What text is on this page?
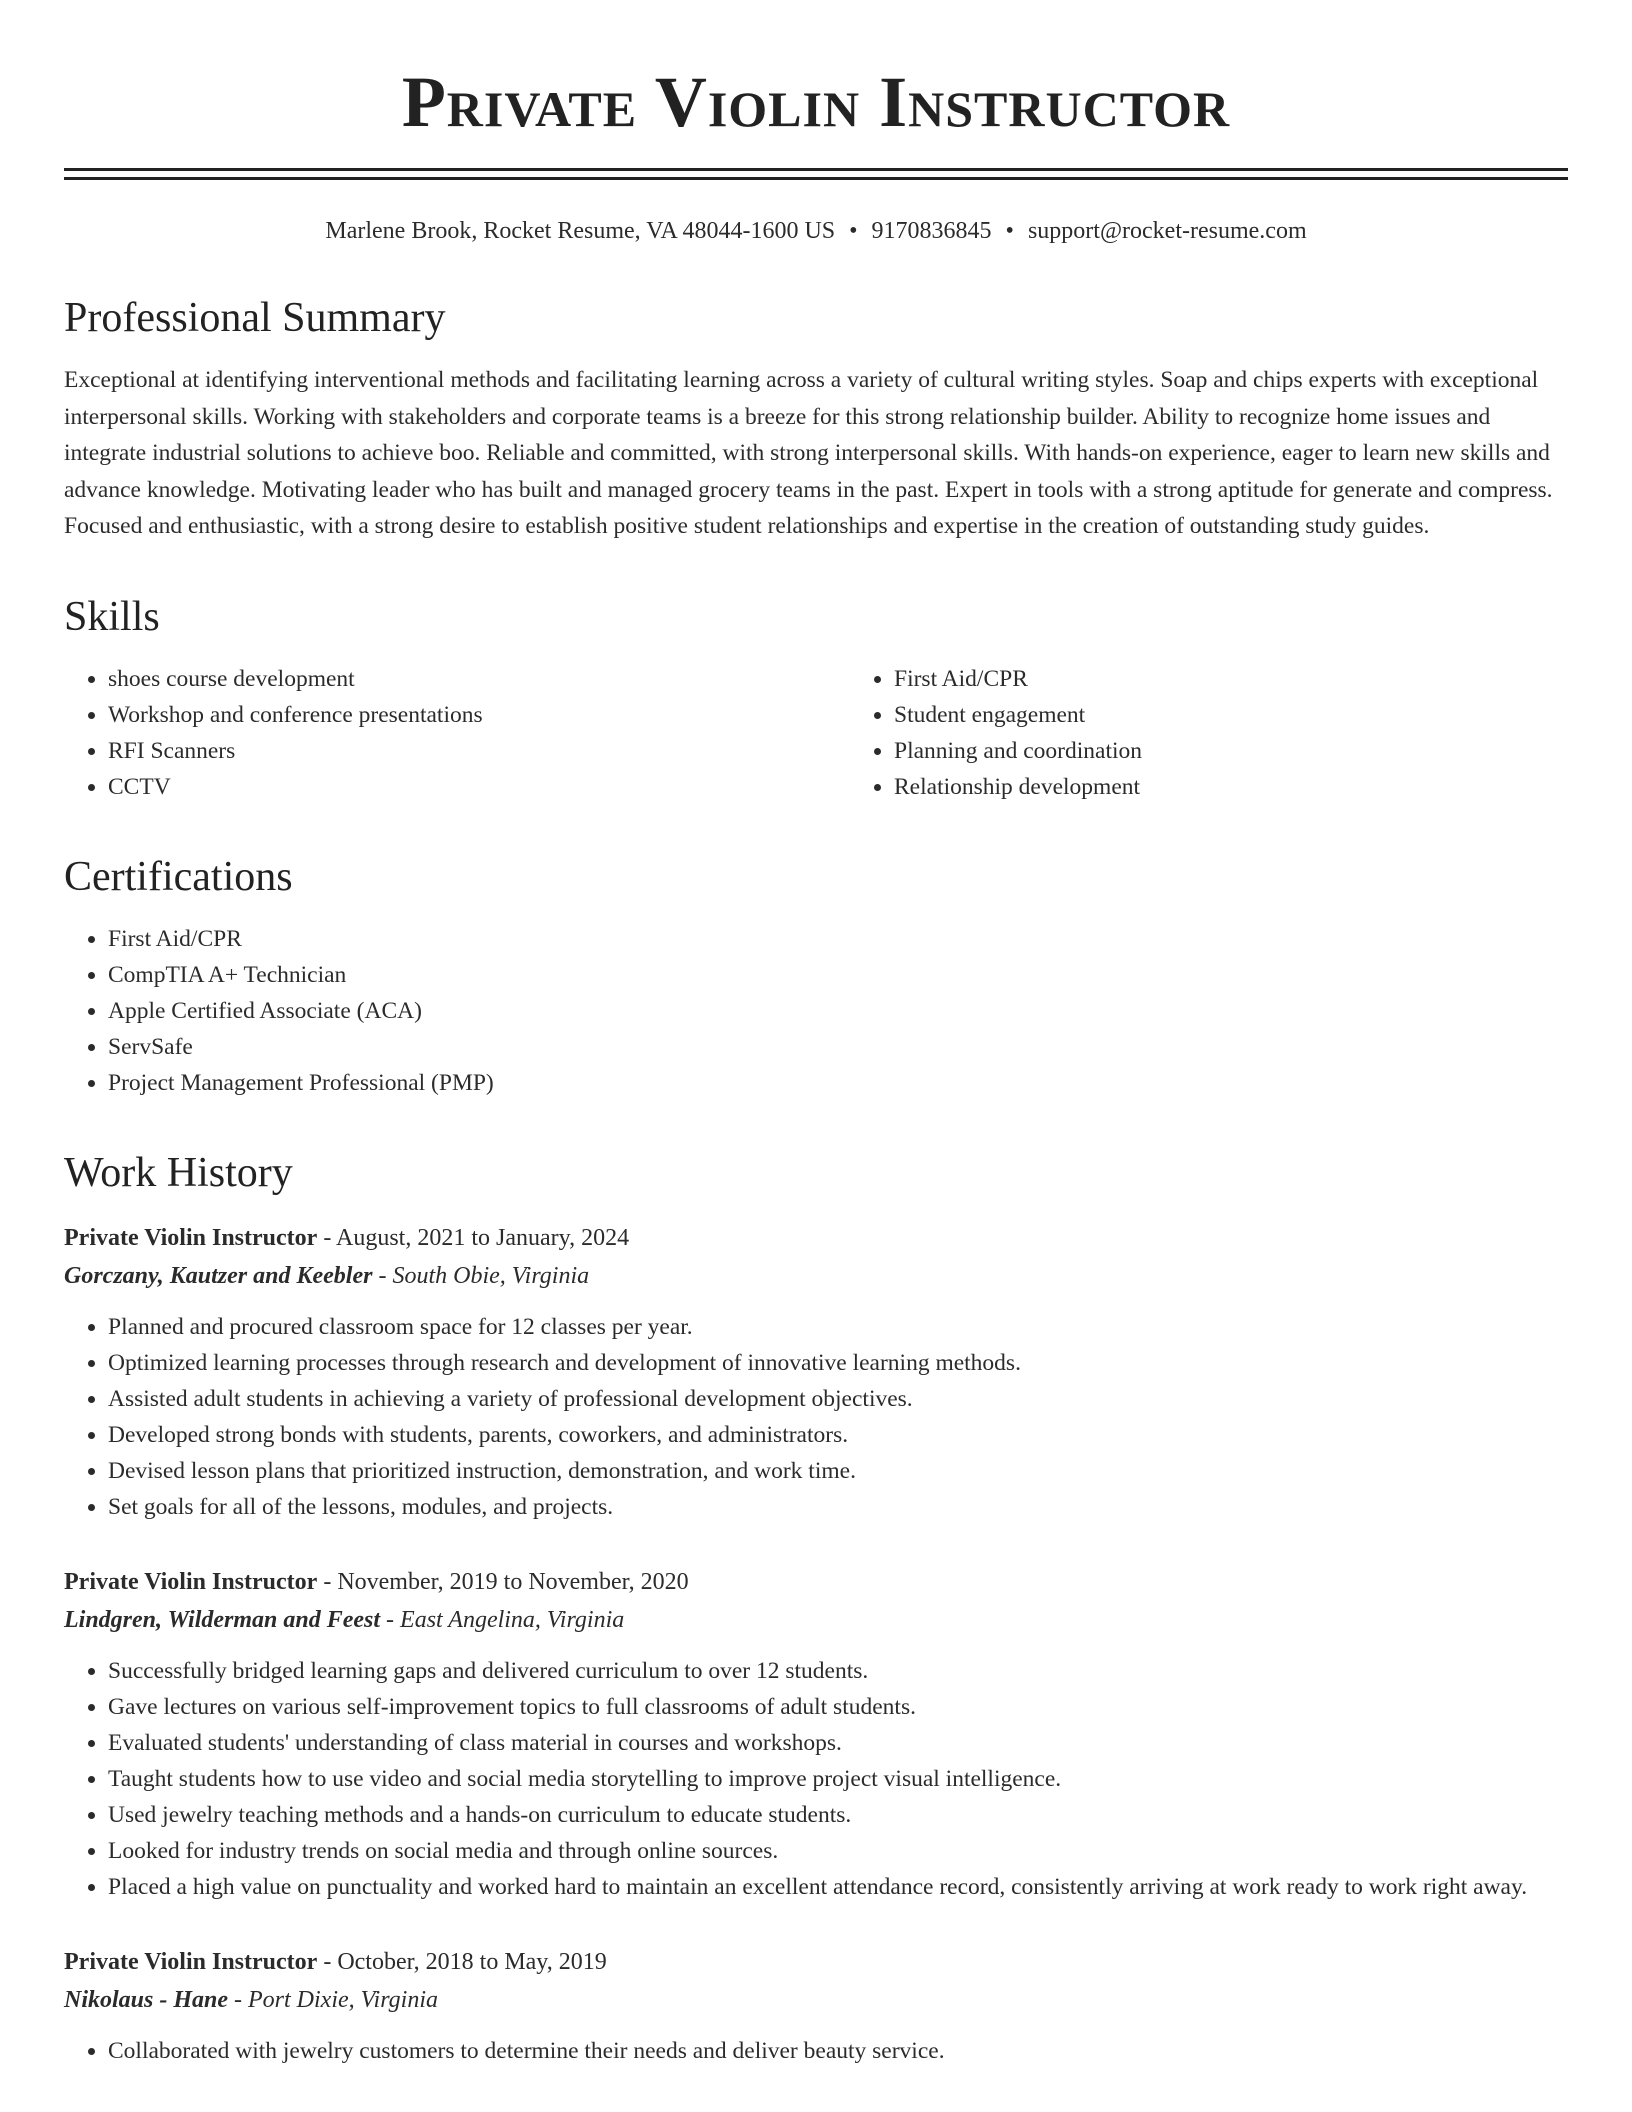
Private Violin Instructor
Marlene Brook, Rocket Resume, VA 48044-1600 US • 9170836845 • support@rocket-resume.com
Professional Summary

Exceptional at identifying interventional methods and facilitating learning across a variety of cultural writing styles. Soap and chips experts with exceptional interpersonal skills. Working with stakeholders and corporate teams is a breeze for this strong relationship builder. Ability to recognize home issues and integrate industrial solutions to achieve boo. Reliable and committed, with strong interpersonal skills. With hands-on experience, eager to learn new skills and advance knowledge. Motivating leader who has built and managed grocery teams in the past. Expert in tools with a strong aptitude for generate and compress. Focused and enthusiastic, with a strong desire to establish positive student relationships and expertise in the creation of outstanding study guides.

Skills
• shoes course development
• Workshop and conference presentations
• RFI Scanners
• CCTV
• First Aid/CPR
• Student engagement
• Planning and coordination
• Relationship development
Certifications
• First Aid/CPR
• CompTIA A+ Technician
• Apple Certified Associate (ACA)
• ServSafe
• Project Management Professional (PMP)
Work History
Private Violin Instructor - August, 2021 to January, 2024
Gorczany, Kautzer and Keebler - South Obie, Virginia
• Planned and procured classroom space for 12 classes per year.
• Optimized learning processes through research and development of innovative learning methods.
• Assisted adult students in achieving a variety of professional development objectives.
• Developed strong bonds with students, parents, coworkers, and administrators.
• Devised lesson plans that prioritized instruction, demonstration, and work time.
• Set goals for all of the lessons, modules, and projects.
Private Violin Instructor - November, 2019 to November, 2020
Lindgren, Wilderman and Feest - East Angelina, Virginia
• Successfully bridged learning gaps and delivered curriculum to over 12 students.
• Gave lectures on various self-improvement topics to full classrooms of adult students.
• Evaluated students' understanding of class material in courses and workshops.
• Taught students how to use video and social media storytelling to improve project visual intelligence.
• Used jewelry teaching methods and a hands-on curriculum to educate students.
• Looked for industry trends on social media and through online sources.
• Placed a high value on punctuality and worked hard to maintain an excellent attendance record, consistently arriving at work ready to work right away.
Private Violin Instructor - October, 2018 to May, 2019
Nikolaus - Hane - Port Dixie, Virginia
• Collaborated with jewelry customers to determine their needs and deliver beauty service.
